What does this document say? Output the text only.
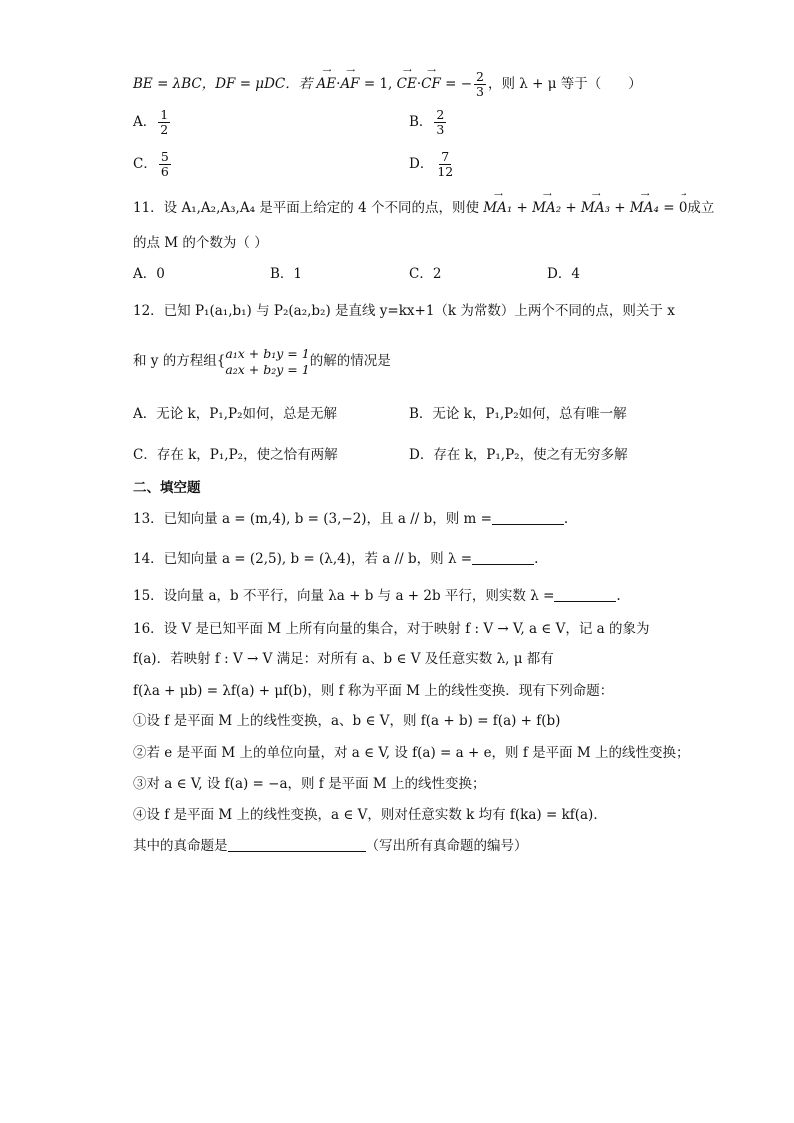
BE = λBC，DF = μDC．若
⟶
AE·
⟶
AF = 1,
⟶
CE·
⟶
CF = − $\frac{2}{3}$ ，则 λ + μ 等于（　　）
A． $\frac{1}{2}$	B． $\frac{2}{3}$
C． $\frac{5}{6}$	D． $\frac{7}{12}$
11．设 A₁,A₂,A₃,A₄ 是平面上给定的 4 个不同的点，则使
⟶
MA₁ +
⟶
MA₂ +
⟶
MA₃ +
⟶
MA₄ =
→
0成立
的点 M 的个数为（ ）
A．0	B．1	C．2	D．4
12．已知 P₁(a₁,b₁) 与 P₂(a₂,b₂) 是直线 y=kx+1（k 为常数）上两个不同的点，则关于 x
和 y 的方程组{ a₁x + b₁y = 1
a₂x + b₂y = 1 的解的情况是
A．无论 k，P₁,P₂如何，总是无解	B．无论 k，P₁,P₂如何，总有唯一解
C．存在 k，P₁,P₂，使之恰有两解	D．存在 k，P₁,P₂，使之有无穷多解
二、填空题
13．已知向量 a = (m,4), b = (3,−2)，且 a // b，则 m =	.
14．已知向量 a = (2,5), b = (λ,4)，若 a // b，则 λ =	.
15．设向量 a，b 不平行，向量 λa + b 与 a + 2b 平行，则实数 λ =	.
16．设 V 是已知平面 M 上所有向量的集合，对于映射 f : V → V, a ∈ V，记 a 的象为
f(a)．若映射 f : V → V 满足：对所有 a、b ∈ V 及任意实数 λ, μ 都有
f(λa + μb) = λf(a) + μf(b)，则 f 称为平面 M 上的线性变换．现有下列命题：
①设 f 是平面 M 上的线性变换，a、b ∈ V，则 f(a + b) = f(a) + f(b)
②若 e 是平面 M 上的单位向量，对 a ∈ V, 设 f(a) = a + e，则 f 是平面 M 上的线性变换；
③对 a ∈ V, 设 f(a) = −a，则 f 是平面 M 上的线性变换；
④设 f 是平面 M 上的线性变换，a ∈ V，则对任意实数 k 均有 f(ka) = kf(a)．
其中的真命题是	（写出所有真命题的编号）
